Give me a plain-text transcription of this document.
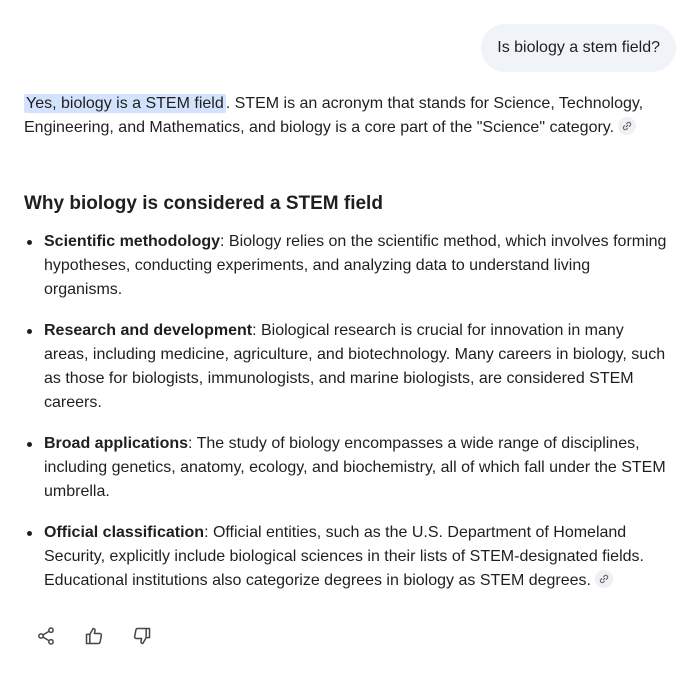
Is biology a stem field?

Yes, biology is a STEM field . STEM is an acronym that stands for Science, Technology, Engineering, and Mathematics, and biology is a core part of the "Science" category.

Why biology is considered a STEM field
Scientific methodology: Biology relies on the scientific method, which involves forming hypotheses, conducting experiments, and analyzing data to understand living organisms.
Research and development: Biological research is crucial for innovation in many areas, including medicine, agriculture, and biotechnology. Many careers in biology, such as those for biologists, immunologists, and marine biologists, are considered STEM careers.
Broad applications: The study of biology encompasses a wide range of disciplines, including genetics, anatomy, ecology, and biochemistry, all of which fall under the STEM umbrella.
Official classification: Official entities, such as the U.S. Department of Homeland Security, explicitly include biological sciences in their lists of STEM-designated fields. Educational institutions also categorize degrees in biology as STEM degrees.
